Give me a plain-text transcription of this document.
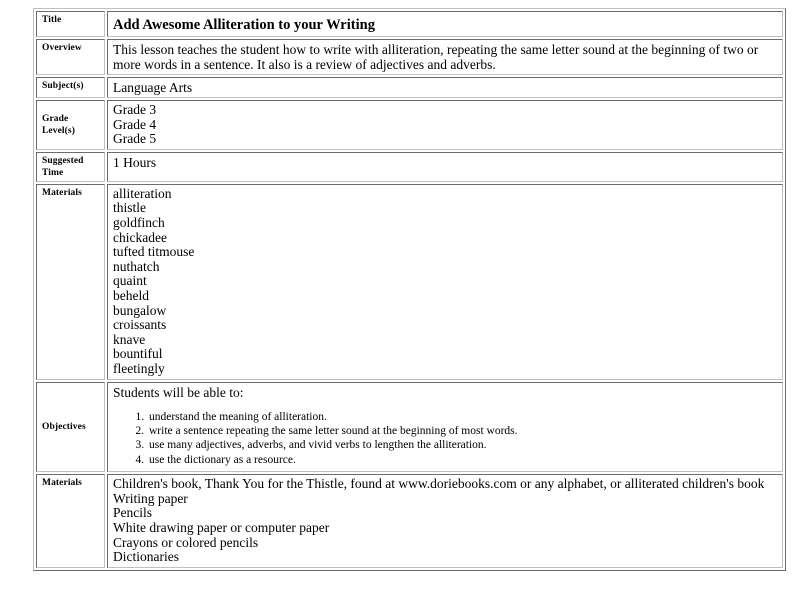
Title	Add Awesome Alliteration to your Writing
Overview	This lesson teaches the student how to write with alliteration, repeating the same letter sound at the beginning of two or more words in a sentence. It also is a review of adjectives and adverbs.
Subject(s)	Language Arts
Grade Level(s)	Grade 3
Grade 4
Grade 5

Suggested Time	1 Hours
Materials	alliteration
thistle
goldfinch
chickadee
tufted titmouse
nuthatch
quaint
beheld
bungalow
croissants
knave
bountiful
fleetingly

Objectives	
Students will be able to:
1. understand the meaning of alliteration.
2. write a sentence repeating the same letter sound at the beginning of most words.
3. use many adjectives, adverbs, and vivid verbs to lengthen the alliteration.
4. use the dictionary as a resource.

Materials	Children's book, Thank You for the Thistle, found at www.doriebooks.com or any alphabet, or alliterated children's book
Writing paper
Pencils
White drawing paper or computer paper
Crayons or colored pencils
Dictionaries
